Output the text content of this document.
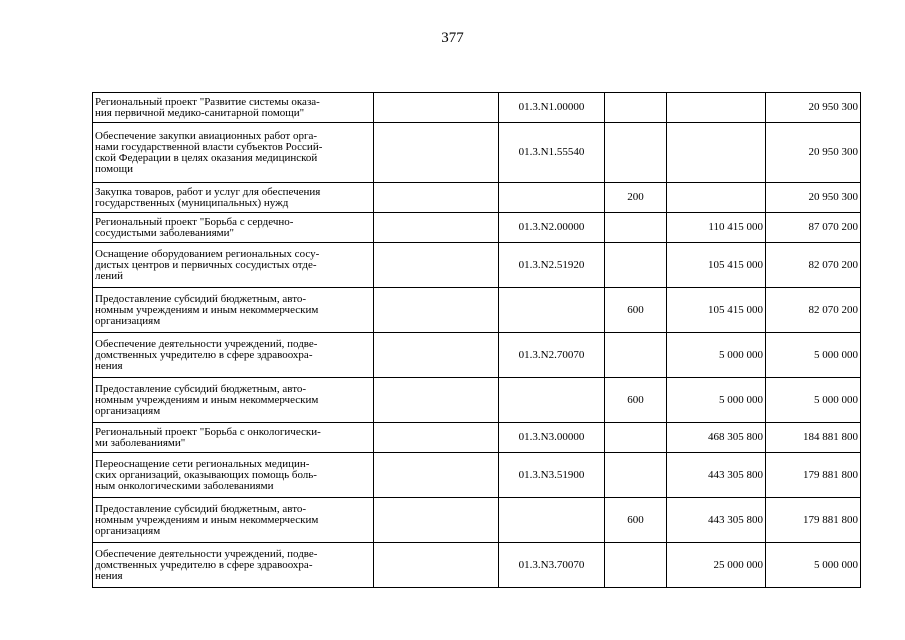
377
Региональный проект "Развитие системы оказа-
ния первичной медико-санитарной помощи"		01.3.N1.00000			20 950 300

Обеспечение закупки авиационных работ орга-
нами государственной власти субъектов Россий-
ской Федерации в целях оказания медицинской
помощи		01.3.N1.55540			20 950 300

Закупка товаров, работ и услуг для обеспечения
государственных (муниципальных) нужд			200		20 950 300

Региональный проект "Борьба с сердечно-
сосудистыми заболеваниями"		01.3.N2.00000		110 415 000	87 070 200

Оснащение оборудованием региональных сосу-
дистых центров и первичных сосудистых отде-
лений		01.3.N2.51920		105 415 000	82 070 200

Предоставление субсидий бюджетным, авто-
номным учреждениям и иным некоммерческим
организациям			600	105 415 000	82 070 200

Обеспечение деятельности учреждений, подве-
домственных учредителю в сфере здравоохра-
нения		01.3.N2.70070		5 000 000	5 000 000

Предоставление субсидий бюджетным, авто-
номным учреждениям и иным некоммерческим
организациям			600	5 000 000	5 000 000

Региональный проект "Борьба с онкологически-
ми заболеваниями"		01.3.N3.00000		468 305 800	184 881 800

Переоснащение сети региональных медицин-
ских организаций, оказывающих помощь боль-
ным онкологическими заболеваниями		01.3.N3.51900		443 305 800	179 881 800

Предоставление субсидий бюджетным, авто-
номным учреждениям и иным некоммерческим
организациям			600	443 305 800	179 881 800

Обеспечение деятельности учреждений, подве-
домственных учредителю в сфере здравоохра-
нения		01.3.N3.70070		25 000 000	5 000 000
